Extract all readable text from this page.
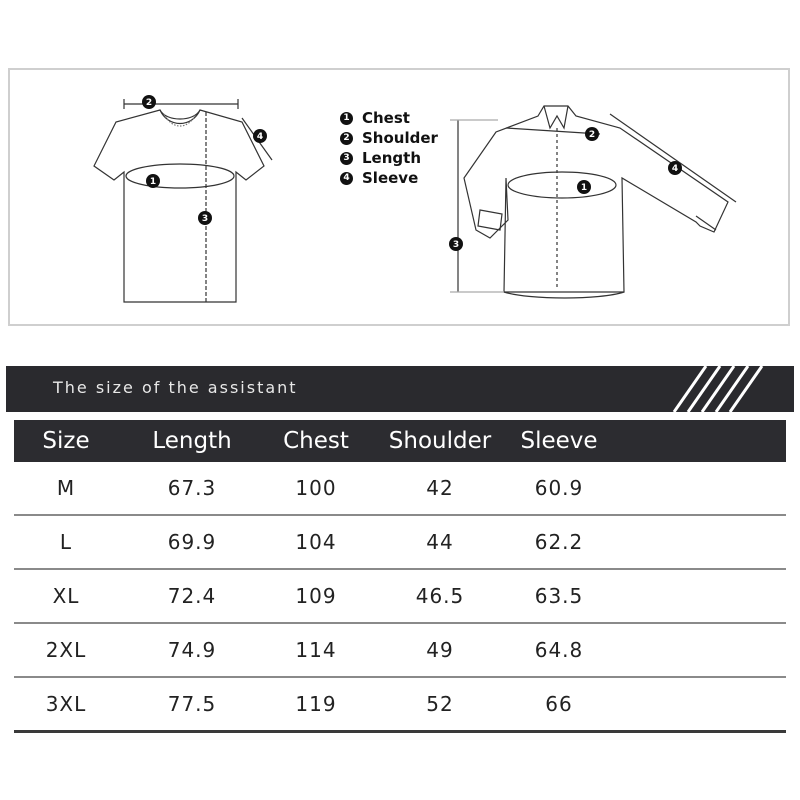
2
4
1
3
2
4
1
3
1 Chest
2 Shoulder
3 Length
4 Sleeve
The size of the assistant
Size	Length	Chest	Shoulder	Sleeve	
M	67.3	100	42	60.9	
L	69.9	104	44	62.2	
XL	72.4	109	46.5	63.5	
2XL	74.9	114	49	64.8	
3XL	77.5	119	52	66	
